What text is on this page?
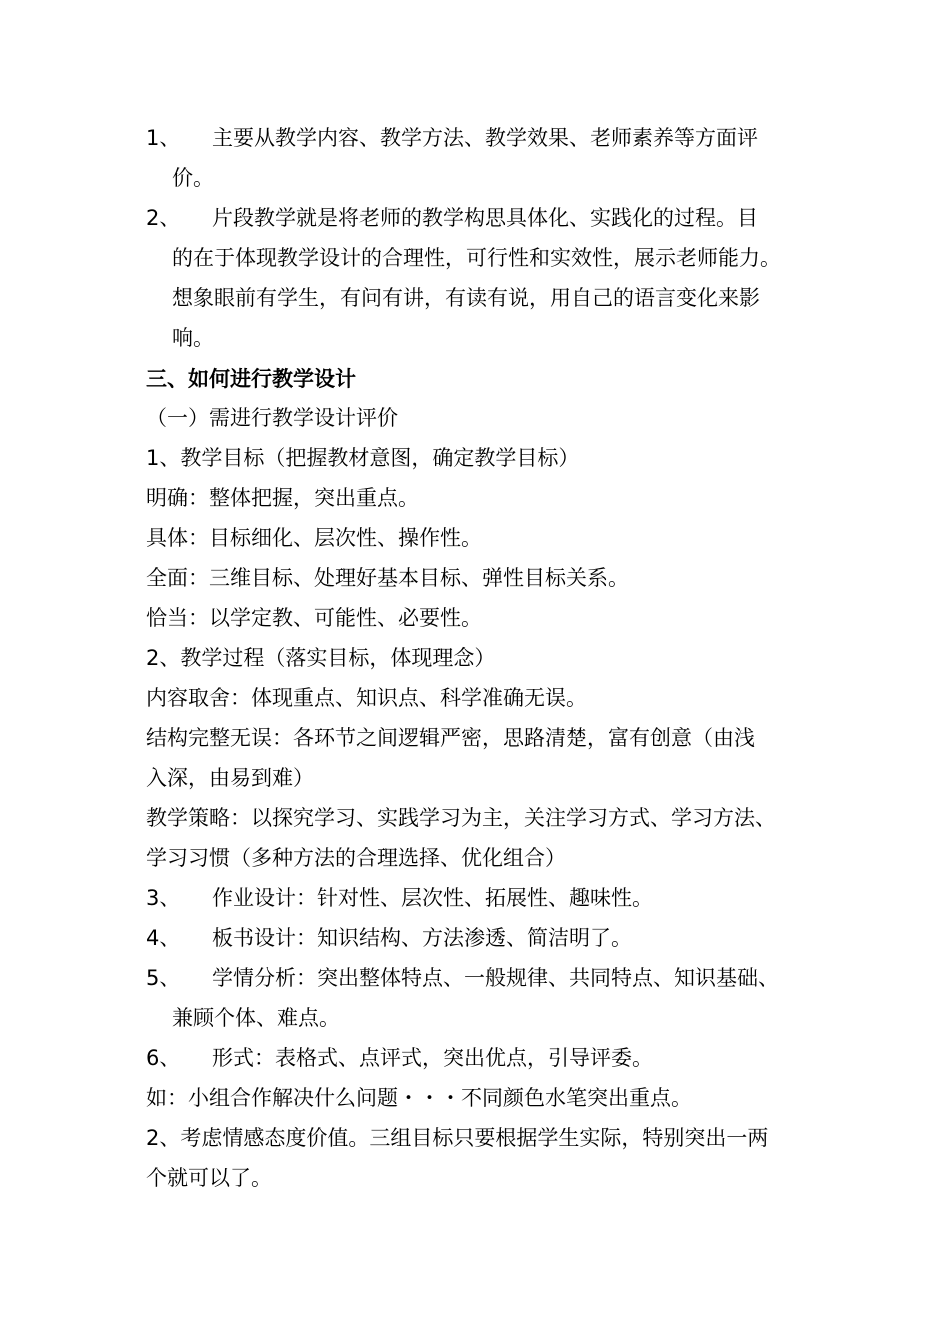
1、 主要从教学内容、教学方法、教学效果、老师素养等方面评

价。

2、 片段教学就是将老师的教学构思具体化、实践化的过程。目

的在于体现教学设计的合理性，可行性和实效性，展示老师能力。

想象眼前有学生，有问有讲，有读有说，用自己的语言变化来影

响。

三、如何进行教学设计

（一）需进行教学设计评价

1、教学目标（把握教材意图，确定教学目标）

明确：整体把握，突出重点。

具体：目标细化、层次性、操作性。

全面：三维目标、处理好基本目标、弹性目标关系。

恰当：以学定教、可能性、必要性。

2、教学过程（落实目标，体现理念）

内容取舍：体现重点、知识点、科学准确无误。

结构完整无误：各环节之间逻辑严密，思路清楚，富有创意（由浅

入深，由易到难）

教学策略：以探究学习、实践学习为主，关注学习方式、学习方法、

学习习惯（多种方法的合理选择、优化组合）

3、 作业设计：针对性、层次性、拓展性、趣味性。

4、 板书设计：知识结构、方法渗透、简洁明了。

5、 学情分析：突出整体特点、一般规律、共同特点、知识基础、

兼顾个体、难点。

6、 形式：表格式、点评式，突出优点，引导评委。

如：小组合作解决什么问题・・・不同颜色水笔突出重点。

2、考虑情感态度价值。三组目标只要根据学生实际，特别突出一两

个就可以了。
